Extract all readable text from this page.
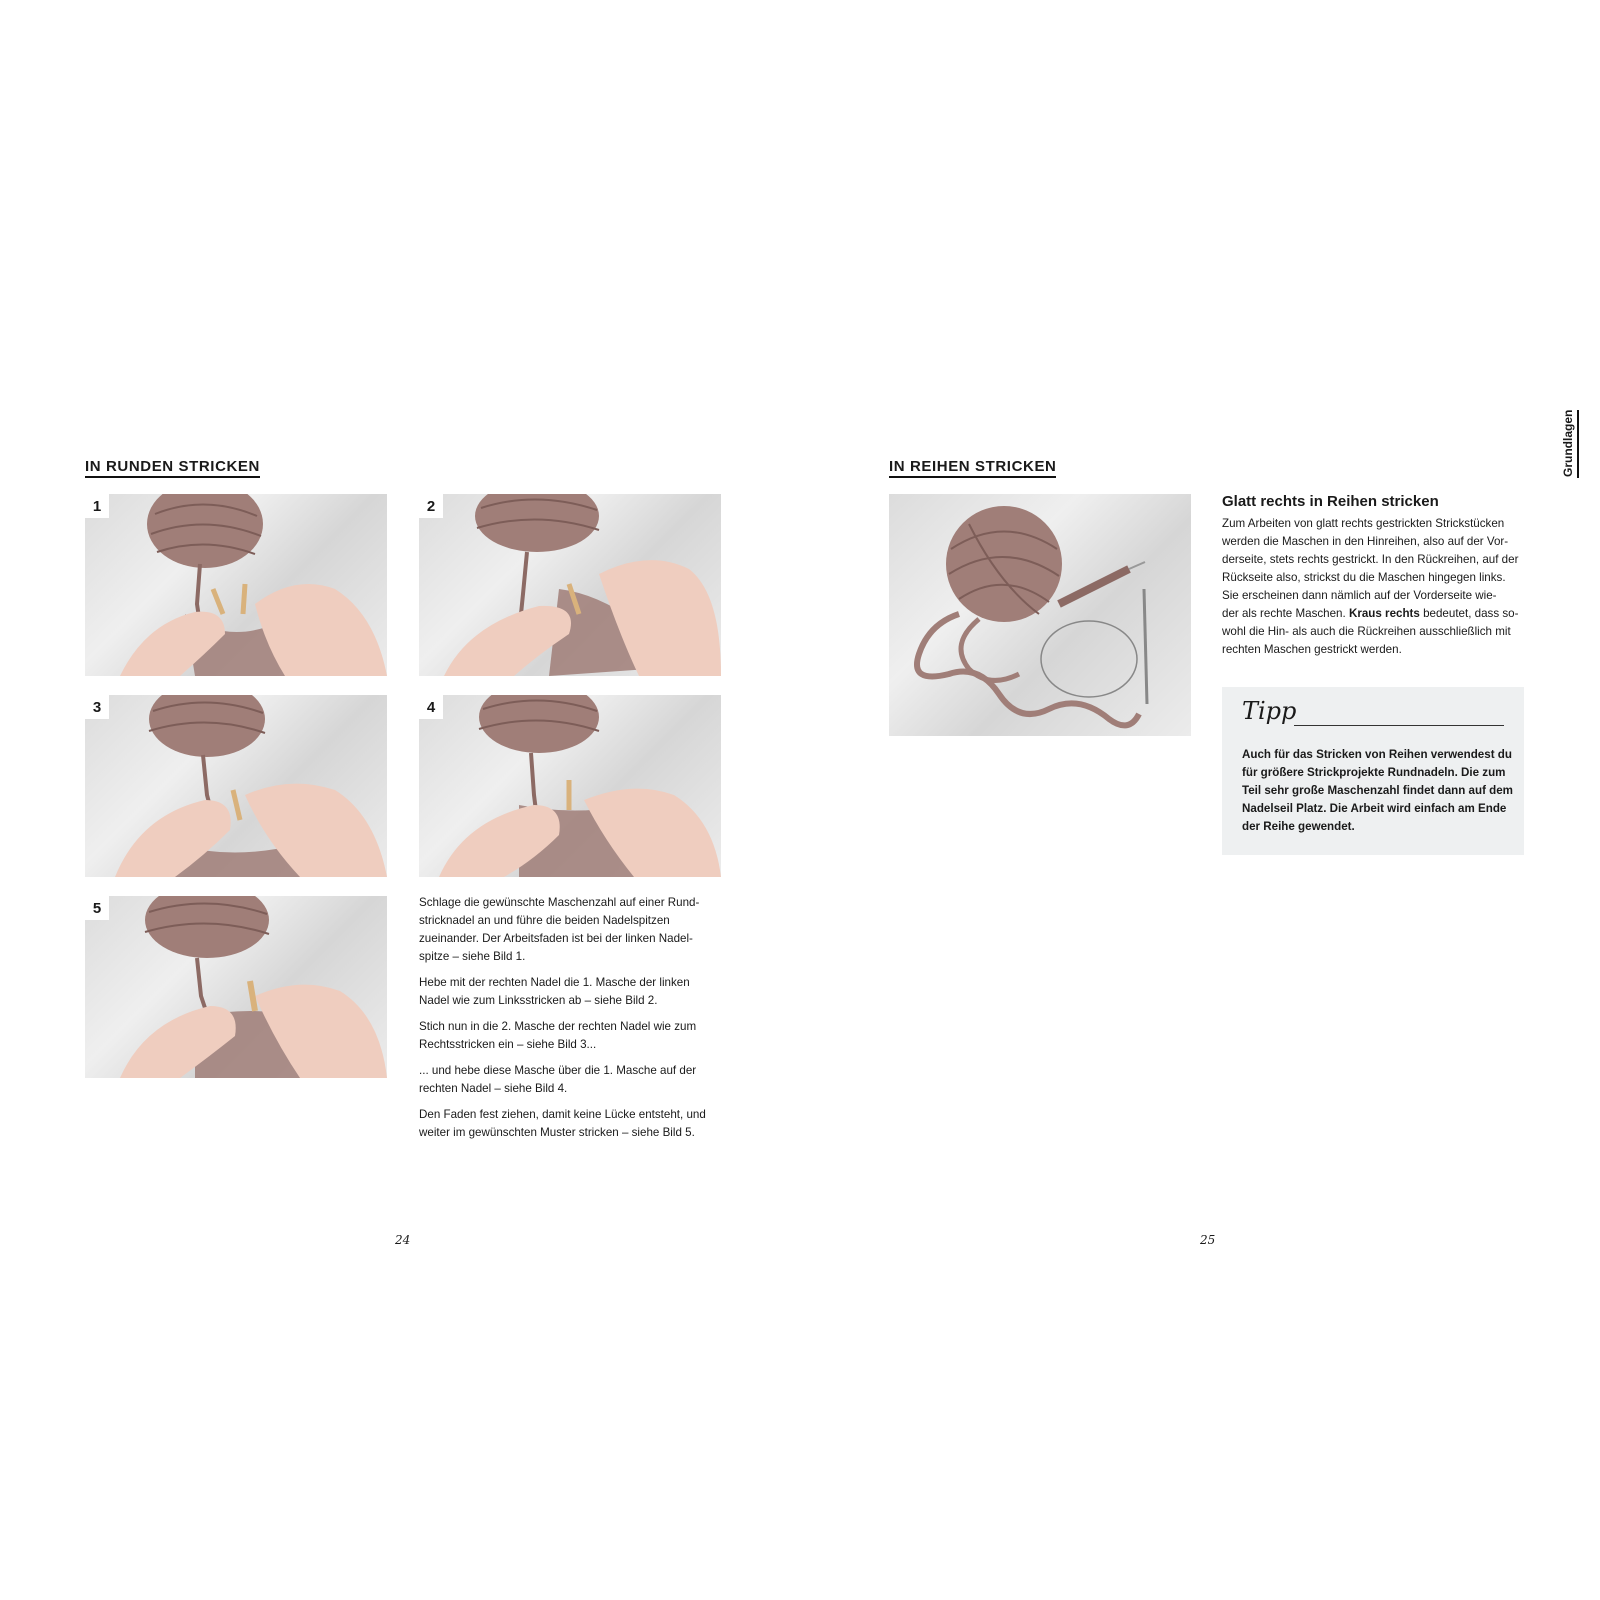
IN RUNDEN STRICKEN
1	2
3	4
5	Schlage die gewünschte Maschenzahl auf einer Rund-
stricknadel an und führe die beiden Nadelspitzen
zueinander. Der Arbeitsfaden ist bei der linken Nadel-
spitze – siehe Bild 1.

Hebe mit der rechten Nadel die 1. Masche der linken
Nadel wie zum Linksstricken ab – siehe Bild 2.

Stich nun in die 2. Masche der rechten Nadel wie zum
Rechtsstricken ein – siehe Bild 3...

... und hebe diese Masche über die 1. Masche auf der
rechten Nadel – siehe Bild 4.

Den Faden fest ziehen, damit keine Lücke entsteht, und
weiter im gewünschten Muster stricken – siehe Bild 5.

24
IN REIHEN STRICKEN
Glatt rechts in Reihen stricken
Zum Arbeiten von glatt rechts gestrickten Strickstücken
werden die Maschen in den Hinreihen, also auf der Vor-
derseite, stets rechts gestrickt. In den Rückreihen, auf der
Rückseite also, strickst du die Maschen hingegen links.
Sie erscheinen dann nämlich auf der Vorderseite wie-
der als rechte Maschen. Kraus rechts bedeutet, dass so-
wohl die Hin- als auch die Rückreihen ausschließlich mit
rechten Maschen gestrickt werden.
Tipp
Auch für das Stricken von Reihen verwendest du
für größere Strickprojekte Rundnadeln. Die zum
Teil sehr große Maschenzahl findet dann auf dem
Nadelseil Platz. Die Arbeit wird einfach am Ende
der Reihe gewendet.
Grundlagen
25
